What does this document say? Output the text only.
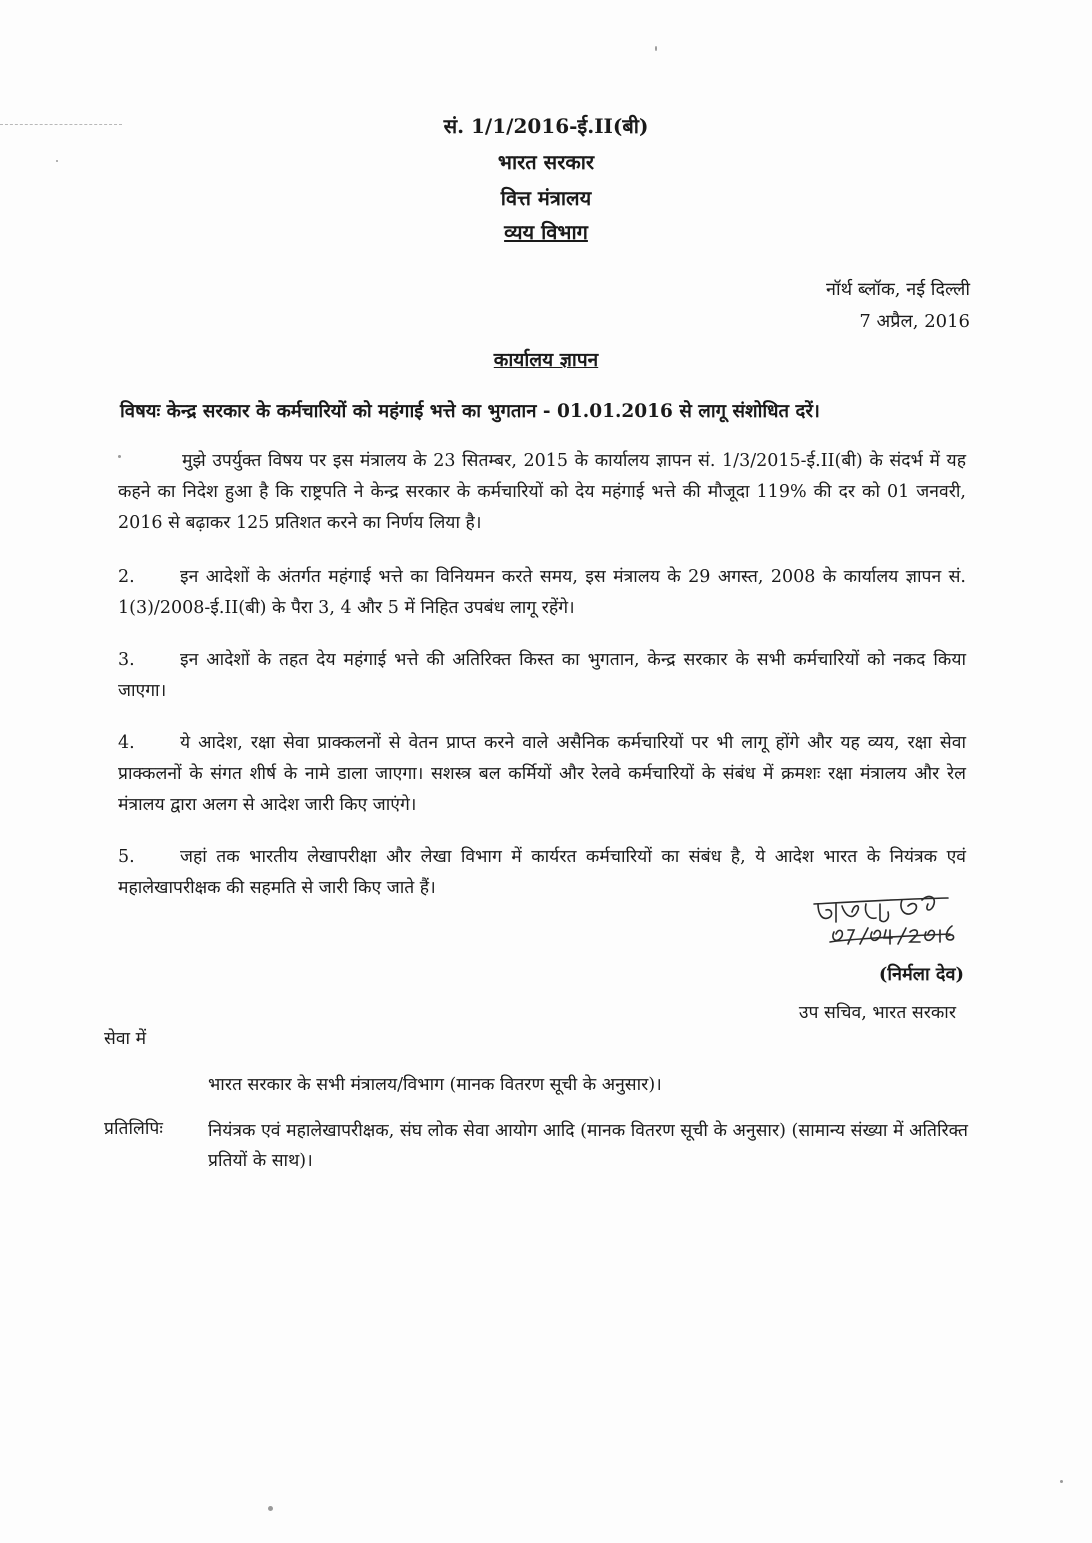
सं. 1/1/2016-ई.II(बी)
भारत सरकार
वित्त मंत्रालय
व्यय विभाग
नॉर्थ ब्लॉक, नई दिल्ली
7 अप्रैल, 2016
कार्यालय ज्ञापन
विषयः केन्द्र सरकार के कर्मचारियों को महंगाई भत्ते का भुगतान - 01.01.2016 से लागू संशोधित दरें।
मुझे उपर्युक्त विषय पर इस मंत्रालय के 23 सितम्बर, 2015 के कार्यालय ज्ञापन सं. 1/3/2015-ई.II(बी) के संदर्भ में यह कहने का निदेश हुआ है कि राष्ट्रपति ने केन्द्र सरकार के कर्मचारियों को देय महंगाई भत्ते की मौजूदा 119% की दर को 01 जनवरी, 2016 से बढ़ाकर 125 प्रतिशत करने का निर्णय लिया है।
2.	इन आदेशों के अंतर्गत महंगाई भत्ते का विनियमन करते समय, इस मंत्रालय के 29 अगस्त, 2008 के कार्यालय ज्ञापन सं. 1(3)/2008-ई.II(बी) के पैरा 3, 4 और 5 में निहित उपबंध लागू रहेंगे।
3.	इन आदेशों के तहत देय महंगाई भत्ते की अतिरिक्त किस्त का भुगतान, केन्द्र सरकार के सभी कर्मचारियों को नकद किया जाएगा।
4.	ये आदेश, रक्षा सेवा प्राक्कलनों से वेतन प्राप्त करने वाले असैनिक कर्मचारियों पर भी लागू होंगे और यह व्यय, रक्षा सेवा प्राक्कलनों के संगत शीर्ष के नामे डाला जाएगा। सशस्त्र बल कर्मियों और रेलवे कर्मचारियों के संबंध में क्रमशः रक्षा मंत्रालय और रेल मंत्रालय द्वारा अलग से आदेश जारी किए जाएंगे।
5.	जहां तक भारतीय लेखापरीक्षा और लेखा विभाग में कार्यरत कर्मचारियों का संबंध है, ये आदेश भारत के नियंत्रक एवं महालेखापरीक्षक की सहमति से जारी किए जाते हैं।
(निर्मला देव)
उप सचिव, भारत सरकार
सेवा में
भारत सरकार के सभी मंत्रालय/विभाग (मानक वितरण सूची के अनुसार)।
प्रतिलिपिः	नियंत्रक एवं महालेखापरीक्षक, संघ लोक सेवा आयोग आदि (मानक वितरण सूची के अनुसार) (सामान्य संख्या में अतिरिक्त प्रतियों के साथ)।
